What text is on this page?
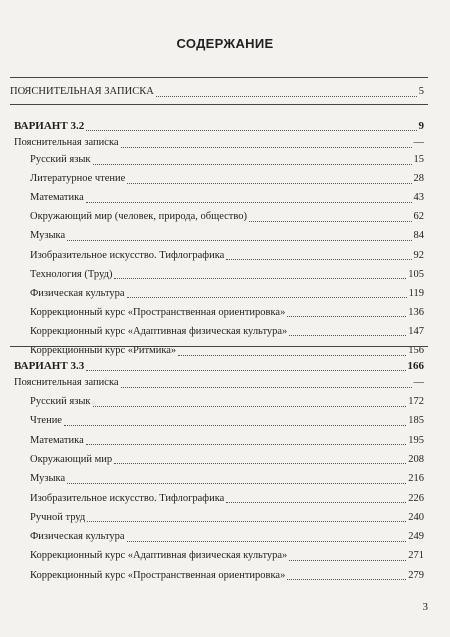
СОДЕРЖАНИЕ
ПОЯСНИТЕЛЬНАЯ ЗАПИСКА	5
ВАРИАНТ 3.2	9
Пояснительная записка	—
Русский язык	15
Литературное чтение	28
Математика	43
Окружающий мир (человек, природа, общество)	62
Музыка	84
Изобразительное искусство. Тифлографика	92
Технология (Труд)	105
Физическая культура	119
Коррекционный курс «Пространственная ориентировка»	136
Коррекционный курс «Адаптивная физическая культура»	147
Коррекционный курс «Ритмика»	156
ВАРИАНТ 3.3	166
Пояснительная записка	—
Русский язык	172
Чтение	185
Математика	195
Окружающий мир	208
Музыка	216
Изобразительное искусство. Тифлографика	226
Ручной труд	240
Физическая культура	249
Коррекционный курс «Адаптивная физическая культура»	271
Коррекционный курс «Пространственная ориентировка»	279
3
